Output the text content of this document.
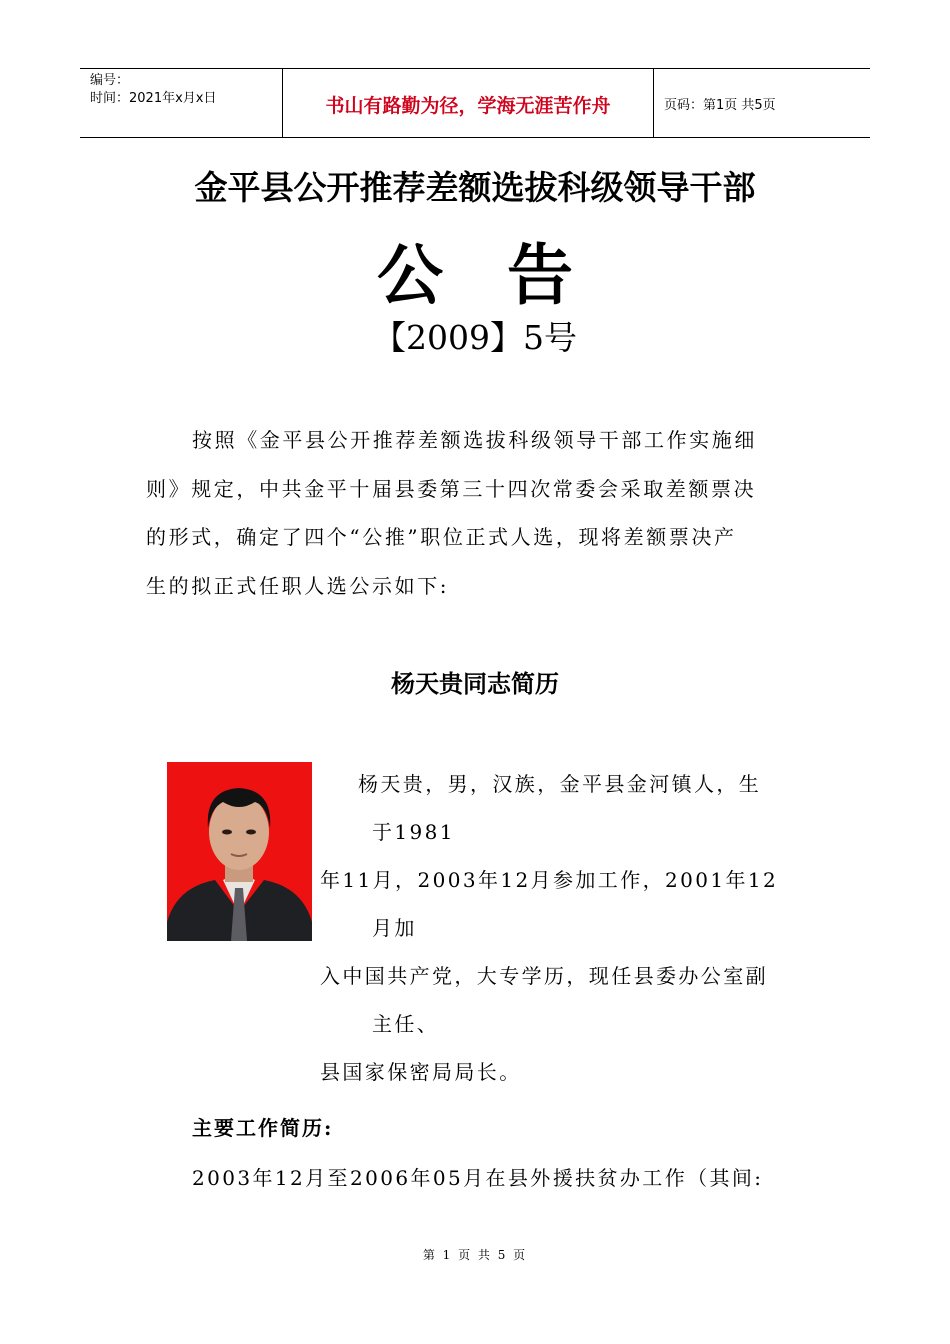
编号：
时间：2021年x月x日	书山有路勤为径，学海无涯苦作舟	页码：第1页 共5页
金平县公开推荐差额选拔科级领导干部
公告
【2009】5号

按照《金平县公开推荐差额选拔科级领导干部工作实施细
则》规定，中共金平十届县委第三十四次常委会采取差额票决
的形式，确定了四个“公推”职位正式人选，现将差额票决产
生的拟正式任职人选公示如下:

杨天贵同志简历
杨天贵，男，汉族，金平县金河镇人，生
于1981
年11月，2003年12月参加工作，2001年12
月加
入中国共产党，大专学历，现任县委办公室副
主任、
县国家保密局局长。
主要工作简历:
2003年12月至2006年05月在县外援扶贫办工作（其间:
第 1 页 共 5 页
